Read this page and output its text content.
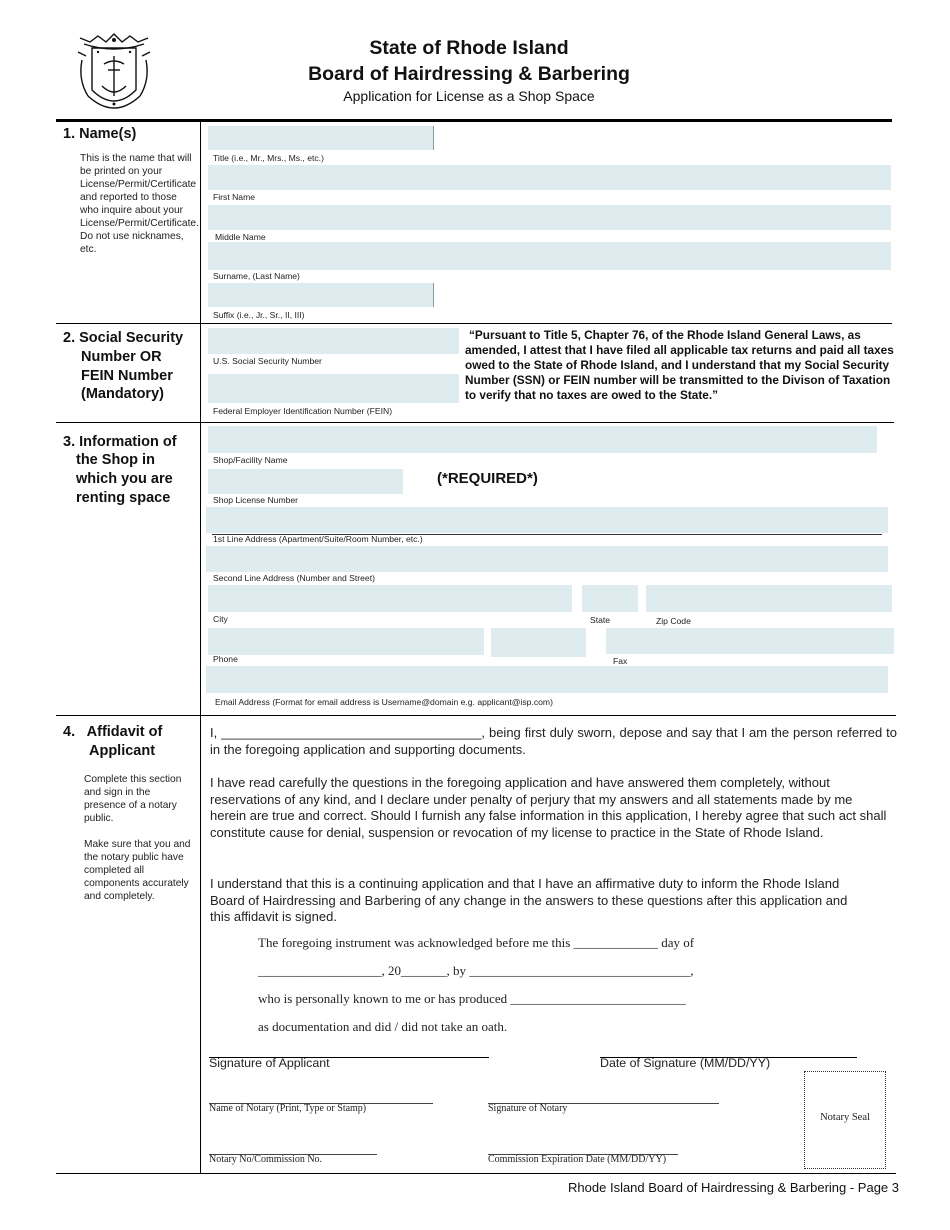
State of Rhode Island
Board of Hairdressing & Barbering
Application for License as a Shop Space
1. Name(s)
This is the name that will be printed on your License/Permit/Certificate and reported to those who inquire about your License/Permit/Certificate. Do not use nicknames, etc.
Title (i.e., Mr., Mrs., Ms., etc.)
First Name
Middle Name
Surname, (Last Name)
Suffix (i.e., Jr., Sr., II, III)
2. Social Security
Number OR
FEIN Number
(Mandatory)
U.S. Social Security Number
Federal Employer Identification Number (FEIN)
“Pursuant to Title 5, Chapter 76, of the Rhode Island General Laws, as amended, I attest that I have filed all applicable tax returns and paid all taxes owed to the State of Rhode Island, and I understand that my Social Security Number (SSN) or FEIN number will be transmitted to the Divison of Taxation to verify that no taxes are owed to the State.”
3. Information of
the Shop in
which you are
renting space
Shop/Facility Name
Shop License Number
(*REQUIRED*)
1st Line Address (Apartment/Suite/Room Number, etc.)
Second Line Address (Number and Street)
City	State	Zip Code
Phone	Fax
Email Address (Format for email address is Username@domain e.g. applicant@isp.com)
4.   Affidavit of
Applicant
Complete this section and sign in the presence of a notary public.
Make sure that you and the notary public have completed all components accurately and completely.
I, ____________________________________, being first duly sworn, depose and say that I am the person referred to in the foregoing application and supporting documents.
I have read carefully the questions in the foregoing application and have answered them completely, without reservations of any kind, and I declare under penalty of perjury that my answers and all statements made by me herein are true and correct. Should I furnish any false information in this application, I hereby agree that such act shall constitute cause for denial, suspension or revocation of my license to practice in the State of Rhode Island.
I understand that this is a continuing application and that I have an affirmative duty to inform the Rhode Island Board of Hairdressing and Barbering of any change in the answers to these questions after this application and this affidavit is signed.
The foregoing instrument was acknowledged before me this _____________ day of
___________________, 20_______, by __________________________________,
who is personally known to me or has produced ___________________________
as documentation and did / did not take an oath.
Signature of Applicant	Date of Signature (MM/DD/YY)
Notary Seal
Name of Notary (Print, Type or Stamp)	Signature of Notary
Notary No/Commission No.	Commission Expiration Date (MM/DD/YY)
Rhode Island Board of Hairdressing & Barbering - Page 3
